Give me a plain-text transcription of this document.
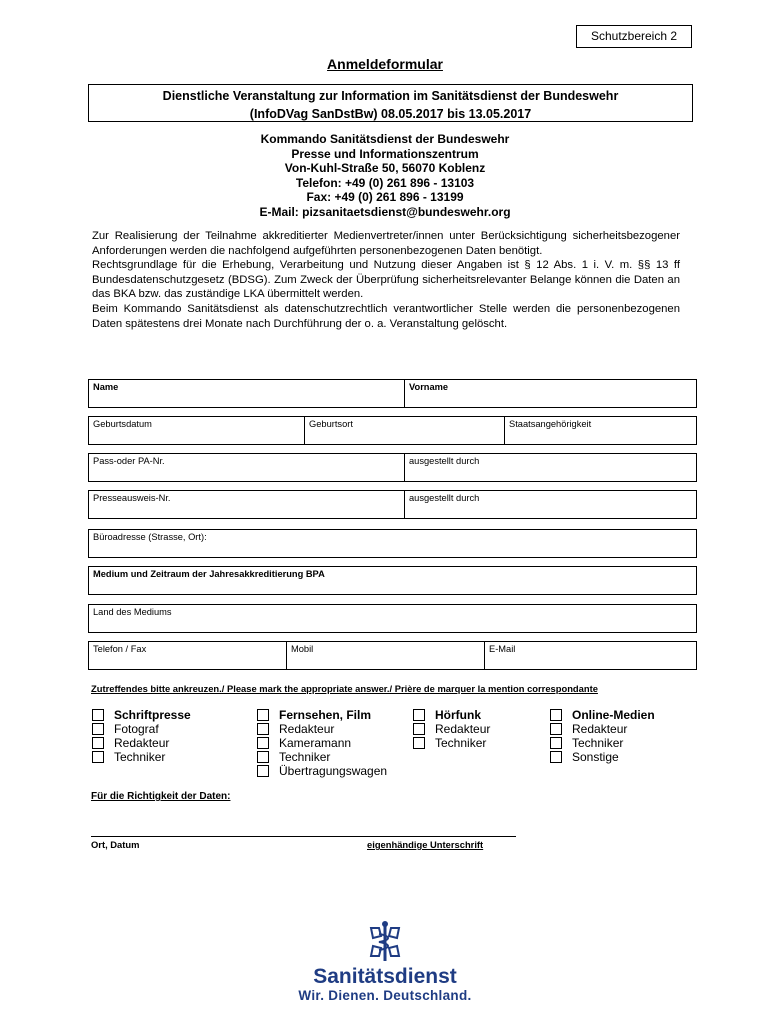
Schutzbereich 2
Anmeldeformular
Dienstliche Veranstaltung zur Information im Sanitätsdienst der Bundeswehr
(InfoDVag SanDstBw) 08.05.2017 bis 13.05.2017
Kommando Sanitätsdienst der Bundeswehr
Presse und Informationszentrum
Von-Kuhl-Straße 50, 56070 Koblenz
Telefon: +49 (0) 261 896 - 13103
Fax: +49 (0) 261 896 - 13199
E-Mail: pizsanitaetsdienst@bundeswehr.org

Zur Realisierung der Teilnahme akkreditierter Medienvertreter/innen unter Berücksichtigung sicherheitsbezogener Anforderungen werden die nachfolgend aufgeführten personenbezogenen Daten benötigt.

Rechtsgrundlage für die Erhebung, Verarbeitung und Nutzung dieser Angaben ist § 12 Abs. 1 i. V. m. §§ 13 ff Bundesdatenschutzgesetz (BDSG). Zum Zweck der Überprüfung sicherheitsrelevanter Belange können die Daten an das BKA bzw. das zuständige LKA übermittelt werden.

Beim Kommando Sanitätsdienst als datenschutzrechtlich verantwortlicher Stelle werden die personenbezogenen Daten spätestens drei Monate nach Durchführung der o. a. Veranstaltung gelöscht.

Name	Vorname
Geburtsdatum	Geburtsort	Staatsangehörigkeit
Pass-oder PA-Nr.	ausgestellt durch
Presseausweis-Nr.	ausgestellt durch
Büroadresse (Strasse, Ort):
Medium und Zeitraum der Jahresakkreditierung BPA
Land des Mediums
Telefon / Fax	Mobil	E-Mail
Zutreffendes bitte ankreuzen./ Please mark the appropriate answer./ Prière de marquer la mention correspondante
Schriftpresse
Fotograf
Redakteur
Techniker
Fernsehen, Film
Redakteur
Kameramann
Techniker
Übertragungswagen
Hörfunk
Redakteur
Techniker
Online-Medien
Redakteur
Techniker
Sonstige
Für die Richtigkeit der Daten:
Ort, Datum	eigenhändige Unterschrift
Sanitätsdienst
Wir. Dienen. Deutschland.
